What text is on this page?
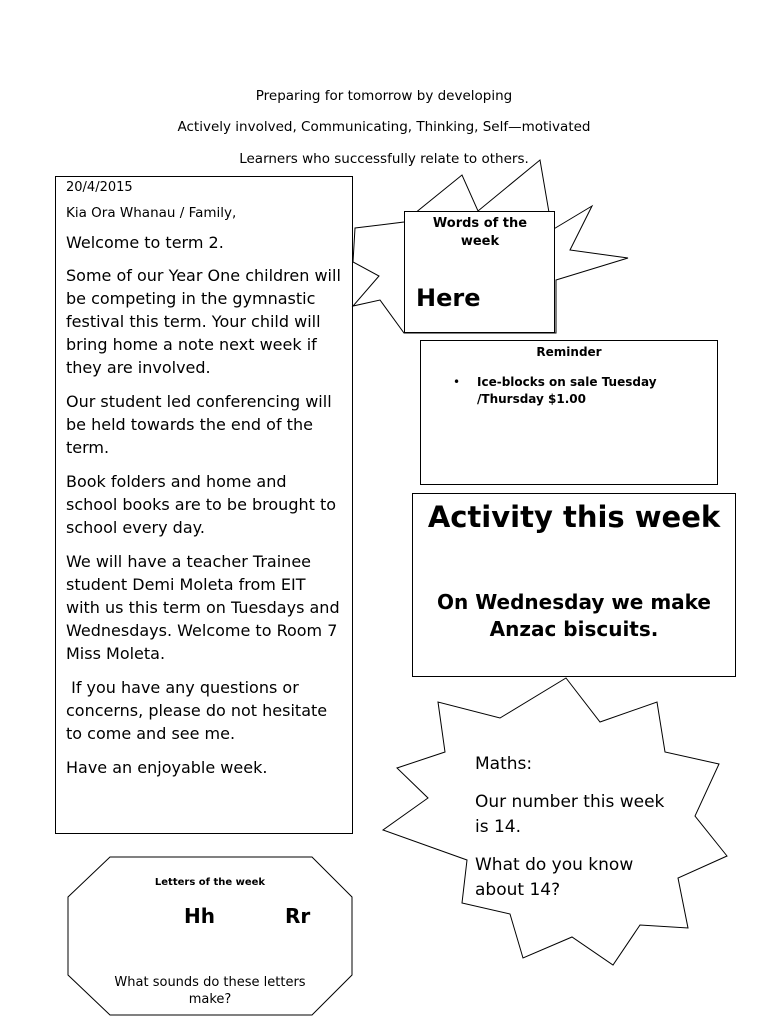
Preparing for tomorrow by developing
Actively involved, Communicating, Thinking, Self—motivated
Learners who successfully relate to others.

20/4/2015

Kia Ora Whanau / Family,

Welcome to term 2.

Some of our Year One children will be competing in the gymnastic festival this term. Your child will bring home a note next week if they are involved.

Our student led conferencing will be held towards the end of the term.

Book folders and home and school books are to be brought to school every day.

We will have a teacher Trainee student Demi Moleta from EIT with us this term on Tuesdays and Wednesdays. Welcome to Room 7 Miss Moleta.

If you have any questions or concerns, please do not hesitate to come and see me.

Have an enjoyable week.

Words of the week
Here
Reminder
• Ice-blocks on sale Tuesday /Thursday $1.00
Activity this week
On Wednesday we make Anzac biscuits.
Maths:
Our number this week is 14.
What do you know about 14?
Letters of the week
Hh	Rr
What sounds do these letters make?
